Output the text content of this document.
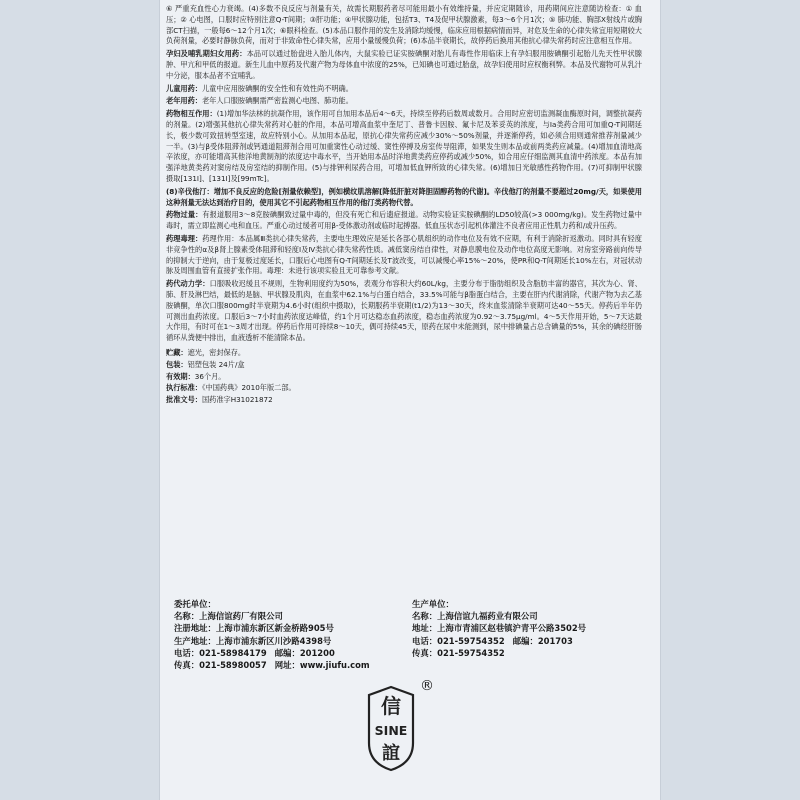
⑥ 严重充血性心力衰竭。(4)多数不良反应与剂量有关，故需长期服药者尽可能用最小有效维持量，并应定期随诊，用药期间应注意随访检查：① 血压；② 心电图，口服时应特别注意Q-T间期；③肝功能；④甲状腺功能，包括T3、T4及促甲状腺激素，每3～6个月1次；⑤ 肺功能、胸部X射线片或胸部CT扫描，一般每6～12个月1次；⑥眼科检查。(5)本品口服作用的发生及消除均缓慢，临床应用根据病情而异，对危及生命的心律失常宜用短期较大负荷剂量，必要时静脉负荷，而对于非致命性心律失常，应用小量缓慢负荷；(6)本品半衰期长，故停药后换用其他抗心律失常药时应注意相互作用。

孕妇及哺乳期妇女用药：本品可以通过胎盘进入胎儿体内，大鼠实验已证实胺碘酮对胎儿有毒性作用临床上有孕妇服用胺碘酮引起胎儿先天性甲状腺肿、甲亢和甲低的报道。新生儿血中原药及代谢产物为母体血中浓度的25%，已知碘也可通过胎盘，故孕妇使用时应权衡利弊。本品及代谢物可从乳汁中分泌，服本品者不宜哺乳。

儿童用药：儿童中应用胺碘酮的安全性和有效性尚不明确。

老年用药：老年人口服胺碘酮需严密监测心电图、肺功能。

药物相互作用：(1)增加华法林的抗凝作用，该作用可自加用本品后4～6天，持续至停药后数周或数月。合用时应密切监测凝血酶原时间，调整抗凝药的剂量。(2)增强其他抗心律失常药对心脏的作用，本品可增高血浆中奎尼丁、普鲁卡因胺、氟卡尼及苯妥英的浓度，与Ia类药合用可加重Q-T间期延长，极少数可致扭转型室速，故应特别小心。从加用本品起，原抗心律失常药应减少30%～50%剂量，并逐渐停药，如必须合用则通常推荐剂量减少一半。(3)与β受体阻滞剂或钙通道阻滞剂合用可加重窦性心动过缓、窦性停搏及房室传导阻滞，如果发生则本品或前两类药应减量。(4)增加血清地高辛浓度，亦可能增高其他洋地黄制剂的浓度达中毒水平，当开始用本品时洋地黄类药应停药或减少50%，如合用应仔细监测其血清中药浓度。本品有加强洋地黄类药对窦房结及房室结的抑制作用。(5)与排钾利尿药合用，可增加低血钾所致的心律失常。(6)增加日光敏感性药物作用。(7)可抑制甲状腺摄取[131I]、[131I]及[99mTc]。

(8)辛伐他汀：增加不良反应的危险[剂量依赖型]，例如横纹肌溶解[降低肝脏对降胆固醇药物的代谢]。辛伐他汀的剂量不要超过20mg/天，如果使用这种剂量无法达到治疗目的，使用其它不引起药物相互作用的他汀类药物代替。

药物过量：有报道服用3～8克胺碘酮致过量中毒的，但没有死亡和后遗症报道。动物实验证实胺碘酮的LD50较高(>3 000mg/kg)。发生药物过量中毒时，需立即监测心电和血压。严重心动过缓者可用β-受体激动剂或临时起搏器。低血压状态引起机体灌注不良者应用正性肌力药和/或升压药。

药理毒理：药理作用：本品属Ⅲ类抗心律失常药，主要电生理效应是延长各部心肌组织的动作电位及有效不应期，有利于消除折返激动。同时具有轻度非竞争性的α及β肾上腺素受体阻滞和轻度Ⅰ及Ⅳ类抗心律失常药性质。减低窦房结自律性，对静息膜电位及动作电位高度无影响。对房室旁路前向传导的抑制大于逆向，由于复极过度延长，口服后心电图有Q-T间期延长及T波改变，可以减慢心率15%～20%，使PR和Q-T间期延长10%左右，对冠状动脉及周围血管有直接扩张作用。毒理：未进行该项实验且无可靠参考文献。

药代动力学：口服吸收迟缓且不规则，生物利用度约为50%，表观分布容积大约60L/kg，主要分布于脂肪组织及含脂肪丰富的器官，其次为心、肾、肺、肝及淋巴结，最低的是脑、甲状腺及肌肉，在血浆中62.1%与白蛋白结合，33.5%可能与β脂蛋白结合，主要在肝内代谢消除，代谢产物为去乙基胺碘酮，单次口服800mg时半衰期为4.6小时(组织中摄取)，长期服药半衰期(t1/2)为13～30天，终末血浆清除半衰期可达40～55天。停药后半年仍可测出血药浓度。口服后3～7小时血药浓度达峰值，约1个月可达稳态血药浓度，稳态血药浓度为0.92～3.75μg/ml。4～5天作用开始，5～7天达最大作用，有时可在1～3周才出现。停药后作用可持续8～10天，偶可持续45天，原药在尿中未能测到，尿中排碘量占总含碘量的5%，其余的碘经肝肠循环从粪便中排出，血液透析不能清除本品。

贮藏：遮光，密封保存。

包装：铝塑包装 24片/盒

有效期：36个月。

执行标准：《中国药典》2010年版二部。

批准文号：国药准字H31021872

委托单位：

名称：上海信谊药厂有限公司

注册地址：上海市浦东新区新金桥路905号

生产地址：上海市浦东新区川沙路4398号

电话：021-58984179 邮编：201200

传真：021-58980057 网址：www.jiufu.com

生产单位：

名称：上海信谊九福药业有限公司

地址：上海市青浦区赵巷镇沪青平公路3502号

电话：021-59754352 邮编：201703

传真：021-59754352

信
SINE
誼
®
